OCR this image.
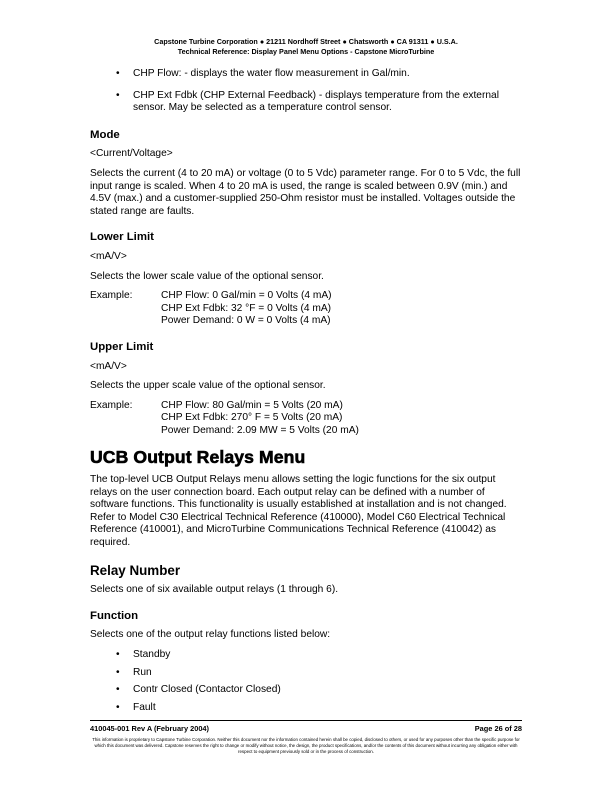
Capstone Turbine Corporation ● 21211 Nordhoff Street ● Chatsworth ● CA 91311 ● U.S.A.
Technical Reference: Display Panel Menu Options - Capstone MicroTurbine
• CHP Flow: - displays the water flow measurement in Gal/min.
• CHP Ext Fdbk (CHP External Feedback) - displays temperature from the external sensor. May be selected as a temperature control sensor.
Mode

<Current/Voltage>

Selects the current (4 to 20 mA) or voltage (0 to 5 Vdc) parameter range. For 0 to 5 Vdc, the full input range is scaled. When 4 to 20 mA is used, the range is scaled between 0.9V (min.) and 4.5V (max.) and a customer-supplied 250-Ohm resistor must be installed. Voltages outside the stated range are faults.

Lower Limit

<mA/V>

Selects the lower scale value of the optional sensor.

Example:	CHP Flow: 0 Gal/min = 0 Volts (4 mA)
CHP Ext Fdbk: 32 °F = 0 Volts (4 mA)
Power Demand: 0 W = 0 Volts (4 mA)
Upper Limit

<mA/V>

Selects the upper scale value of the optional sensor.

Example:	CHP Flow: 80 Gal/min = 5 Volts (20 mA)
CHP Ext Fdbk: 270° F = 5 Volts (20 mA)
Power Demand: 2.09 MW = 5 Volts (20 mA)
UCB Output Relays Menu

The top-level UCB Output Relays menu allows setting the logic functions for the six output relays on the user connection board. Each output relay can be defined with a number of software functions. This functionality is usually established at installation and is not changed. Refer to Model C30 Electrical Technical Reference (410000), Model C60 Electrical Technical Reference (410001), and MicroTurbine Communications Technical Reference (410042) as required.

Relay Number

Selects one of six available output relays (1 through 6).

Function

Selects one of the output relay functions listed below:

• Standby
• Run
• Contr Closed (Contactor Closed)
• Fault
410045-001 Rev A (February 2004)	Page 26 of 28
This information is proprietary to Capstone Turbine Corporation. Neither this document nor the information contained herein shall be copied, disclosed to others, or used for any purposes other than the specific purpose for which this document was delivered. Capstone reserves the right to change or modify without notice, the design, the product specifications, and/or the contents of this document without incurring any obligation either with respect to equipment previously sold or in the process of construction.
